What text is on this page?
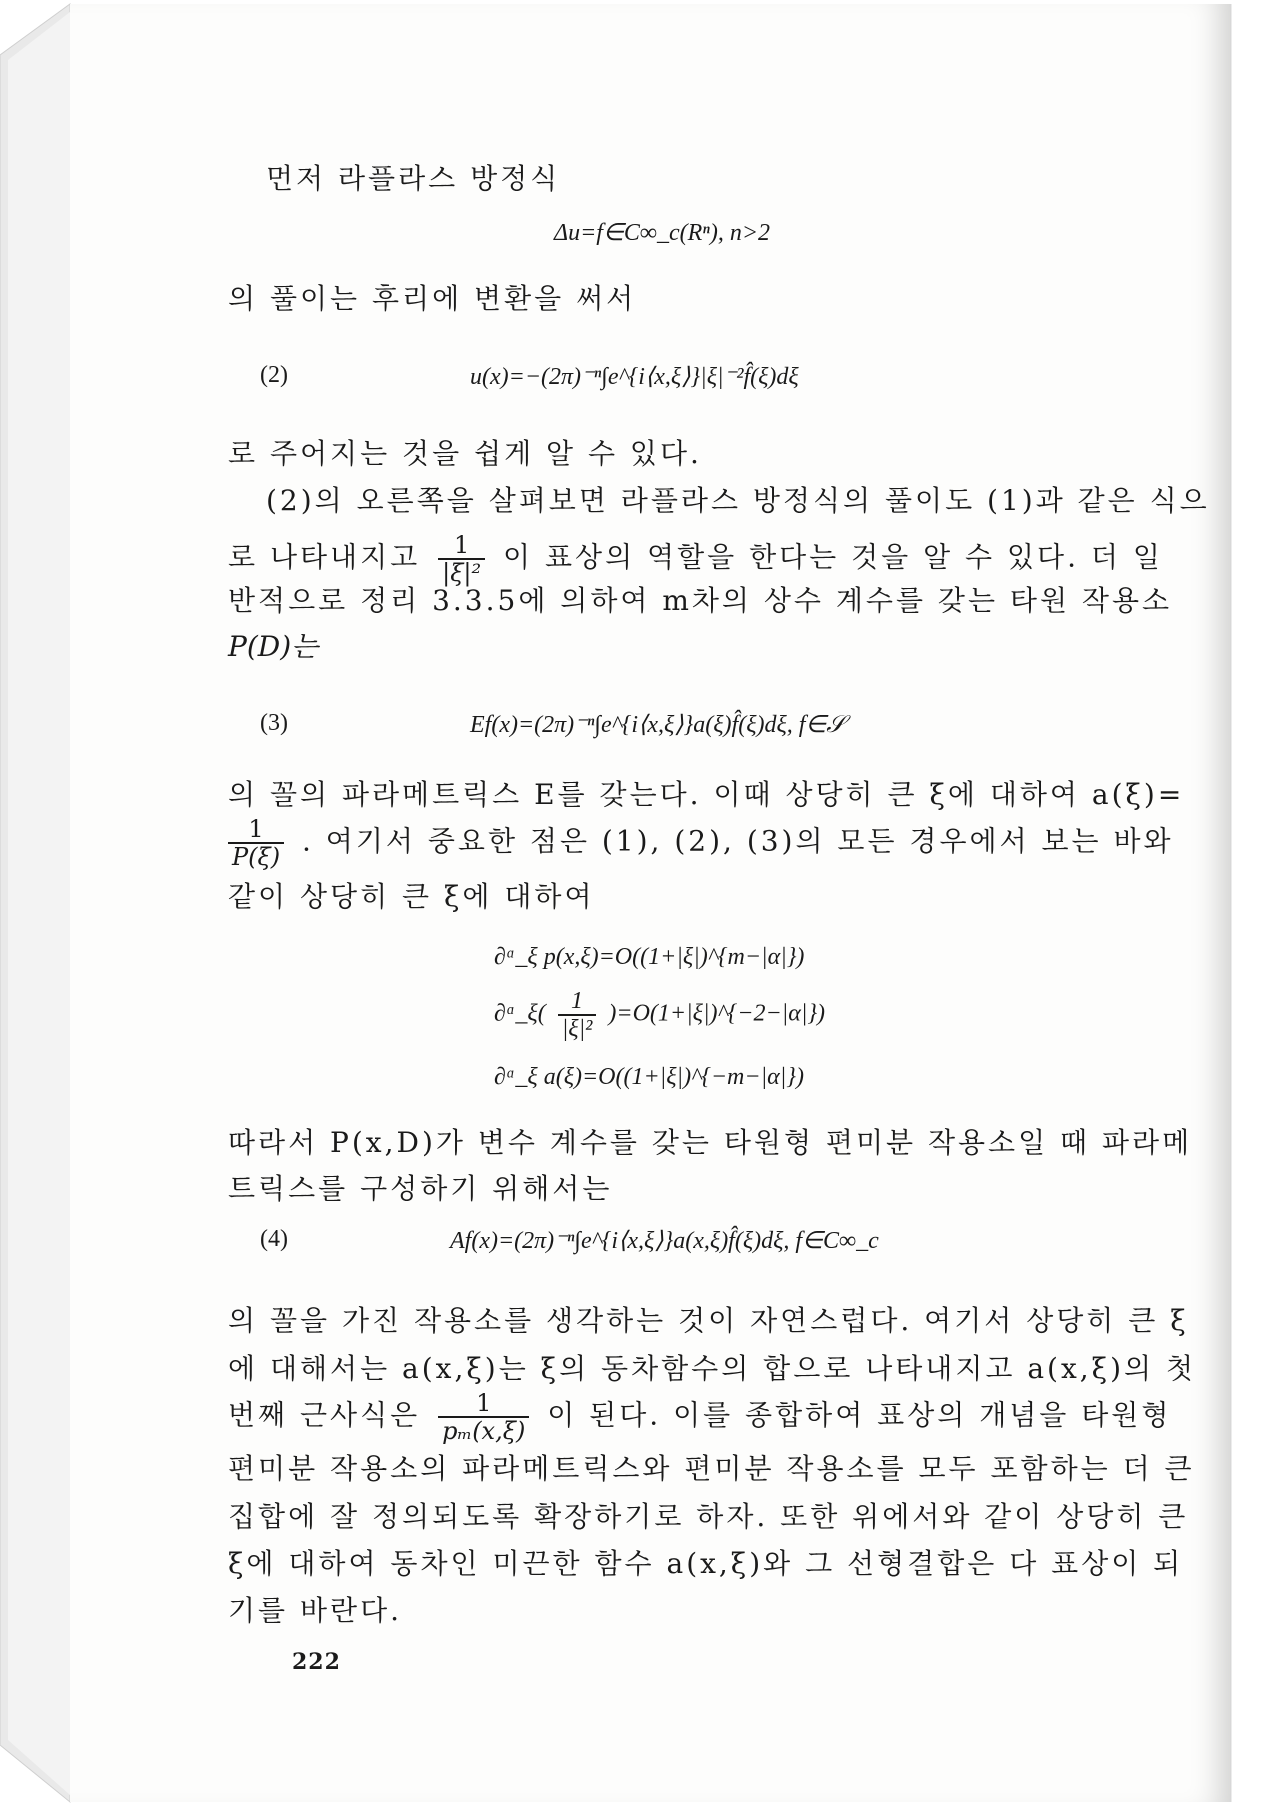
먼저 라플라스 방정식
Δu=f∈C∞_c(Rⁿ), n>2
의 풀이는 후리에 변환을 써서
(2)	u(x)=−(2π)⁻ⁿ∫e^{i⟨x,ξ⟩}|ξ|⁻²f̂(ξ)dξ
로 주어지는 것을 쉽게 알 수 있다.
(2)의 오른쪽을 살펴보면 라플라스 방정식의 풀이도 (1)과 같은 식으
로 나타내지고 $\frac{1}{\text{|ξ|²}}$ 이 표상의 역할을 한다는 것을 알 수 있다. 더 일
반적으로 정리 3.3.5에 의하여 m차의 상수 계수를 갖는 타원 작용소
P(D)는
(3)	Ef(x)=(2π)⁻ⁿ∫e^{i⟨x,ξ⟩}a(ξ)f̂(ξ)dξ, f∈𝒮
의 꼴의 파라메트릭스 E를 갖는다. 이때 상당히 큰 ξ에 대하여 a(ξ)=
$\frac{1}{P(\xi)}$ . 여기서 중요한 점은 (1), (2), (3)의 모든 경우에서 보는 바와
같이 상당히 큰 ξ에 대하여
∂ᵅ_ξ p(x,ξ)=O((1+|ξ|)^{m−|α|})
∂ᵅ_ξ( $\frac{1}{\text{|ξ|²}}$ )=O(1+|ξ|)^{−2−|α|})
∂ᵅ_ξ a(ξ)=O((1+|ξ|)^{−m−|α|})
따라서 P(x,D)가 변수 계수를 갖는 타원형 편미분 작용소일 때 파라메
트릭스를 구성하기 위해서는
(4)	Af(x)=(2π)⁻ⁿ∫e^{i⟨x,ξ⟩}a(x,ξ)f̂(ξ)dξ, f∈C∞_c
의 꼴을 가진 작용소를 생각하는 것이 자연스럽다. 여기서 상당히 큰 ξ
에 대해서는 a(x,ξ)는 ξ의 동차함수의 합으로 나타내지고 a(x,ξ)의 첫
번째 근사식은 $\frac{1}{\text{pₘ(x,ξ)}}$ 이 된다. 이를 종합하여 표상의 개념을 타원형
편미분 작용소의 파라메트릭스와 편미분 작용소를 모두 포함하는 더 큰
집합에 잘 정의되도록 확장하기로 하자. 또한 위에서와 같이 상당히 큰
ξ에 대하여 동차인 미끈한 함수 a(x,ξ)와 그 선형결합은 다 표상이 되
기를 바란다.
222
